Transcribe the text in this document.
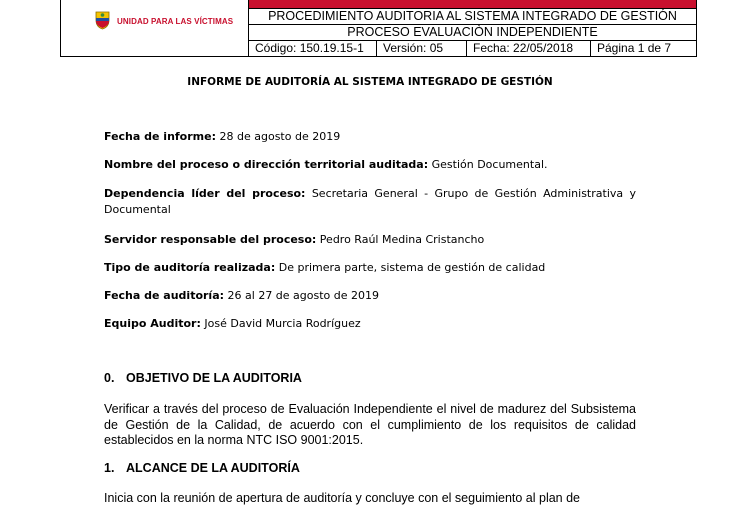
UNIDAD PARA LAS VÍCTIMAS	PROCEDIMIENTO AUDITORIA AL SISTEMA INTEGRADO DE GESTIÓN
PROCESO EVALUACIÒN INDEPENDIENTE
Código: 150.19.15-1	Versión: 05	Fecha: 22/05/2018	Página 1 de 7
INFORME DE AUDITORÍA AL SISTEMA INTEGRADO DE GESTIÓN
Fecha de informe: 28 de agosto de 2019
Nombre del proceso o dirección territorial auditada: Gestión Documental.
Dependencia líder del proceso: Secretaria General - Grupo de Gestión Administrativa y Documental
Servidor responsable del proceso: Pedro Raúl Medina Cristancho
Tipo de auditoría realizada: De primera parte, sistema de gestión de calidad
Fecha de auditoría: 26 al 27 de agosto de 2019
Equipo Auditor: José David Murcia Rodríguez
0. OBJETIVO DE LA AUDITORIA
Verificar a través del proceso de Evaluación Independiente el nivel de madurez del Subsistema de Gestión de la Calidad, de acuerdo con el cumplimiento de los requisitos de calidad establecidos en la norma NTC ISO 9001:2015.
1. ALCANCE DE LA AUDITORÍA
Inicia con la reunión de apertura de auditoría y concluye con el seguimiento al plan de
